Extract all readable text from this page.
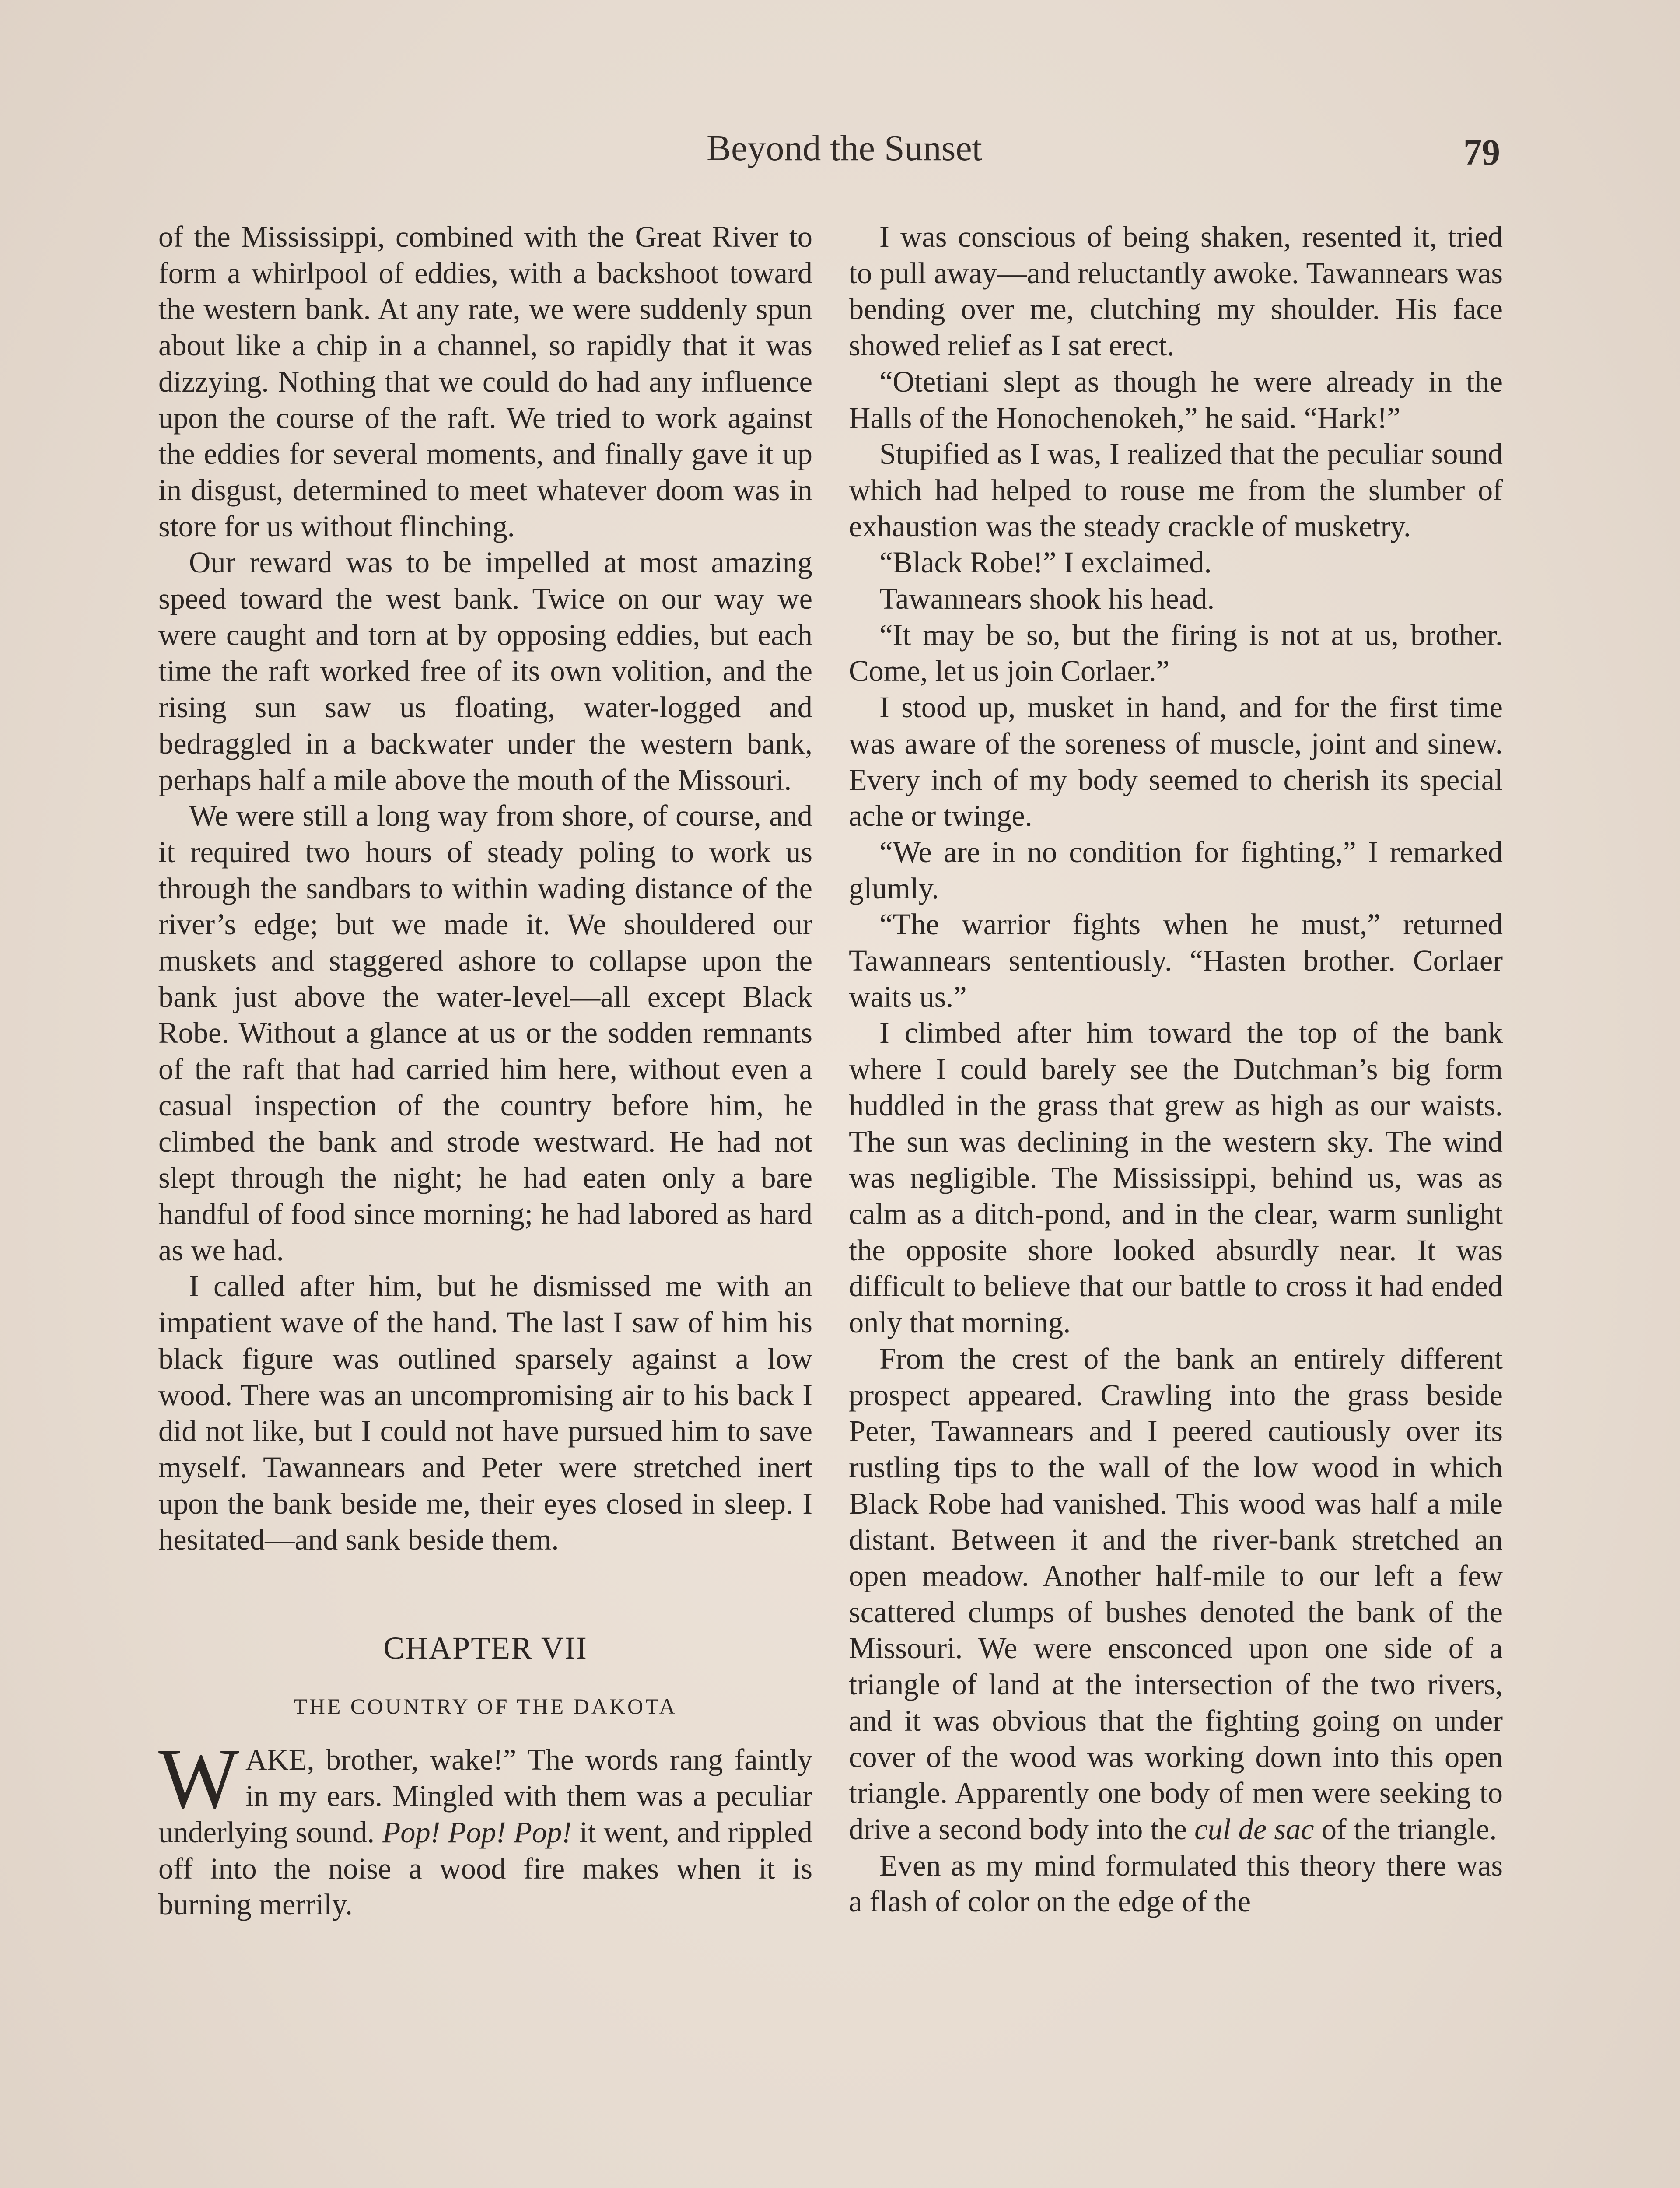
Beyond the Sunset	79

of the Mississippi, combined with the Great River to form a whirlpool of eddies, with a backshoot toward the western bank. At any rate, we were suddenly spun about like a chip in a channel, so rapidly that it was dizzying. Nothing that we could do had any influence upon the course of the raft. We tried to work against the eddies for several moments, and finally gave it up in disgust, determined to meet whatever doom was in store for us without flinching.

Our reward was to be impelled at most amazing speed toward the west bank. Twice on our way we were caught and torn at by opposing eddies, but each time the raft worked free of its own volition, and the rising sun saw us floating, water-logged and bedraggled in a backwater under the western bank, perhaps half a mile above the mouth of the Missouri.

We were still a long way from shore, of course, and it required two hours of steady poling to work us through the sandbars to within wading distance of the river’s edge; but we made it. We shouldered our muskets and staggered ashore to collapse upon the bank just above the water-level—all except Black Robe. Without a glance at us or the sodden remnants of the raft that had carried him here, without even a casual inspection of the country before him, he climbed the bank and strode westward. He had not slept through the night; he had eaten only a bare handful of food since morning; he had labored as hard as we had.

I called after him, but he dismissed me with an impatient wave of the hand. The last I saw of him his black figure was outlined sparsely against a low wood. There was an uncompromising air to his back I did not like, but I could not have pursued him to save myself. Tawannears and Peter were stretched inert upon the bank beside me, their eyes closed in sleep. I hesitated—and sank beside them.

CHAPTER VII
THE COUNTRY OF THE DAKOTA

WAKE, brother, wake!” The words rang faintly in my ears. Mingled with them was a peculiar underlying sound. Pop! Pop! Pop! it went, and rippled off into the noise a wood fire makes when it is burning merrily.

I was conscious of being shaken, resented it, tried to pull away—and reluctantly awoke. Tawannears was bending over me, clutching my shoulder. His face showed relief as I sat erect.

“Otetiani slept as though he were already in the Halls of the Honochenokeh,” he said. “Hark!”

Stupified as I was, I realized that the peculiar sound which had helped to rouse me from the slumber of exhaustion was the steady crackle of musketry.

“Black Robe!” I exclaimed.

Tawannears shook his head.

“It may be so, but the firing is not at us, brother. Come, let us join Corlaer.”

I stood up, musket in hand, and for the first time was aware of the soreness of muscle, joint and sinew. Every inch of my body seemed to cherish its special ache or twinge.

“We are in no condition for fighting,” I remarked glumly.

“The warrior fights when he must,” returned Tawannears sententiously. “Hasten brother. Corlaer waits us.”

I climbed after him toward the top of the bank where I could barely see the Dutchman’s big form huddled in the grass that grew as high as our waists. The sun was declining in the western sky. The wind was negligible. The Mississippi, behind us, was as calm as a ditch-pond, and in the clear, warm sunlight the opposite shore looked absurdly near. It was difficult to believe that our battle to cross it had ended only that morning.

From the crest of the bank an entirely different prospect appeared. Crawling into the grass beside Peter, Tawannears and I peered cautiously over its rustling tips to the wall of the low wood in which Black Robe had vanished. This wood was half a mile distant. Between it and the river-bank stretched an open meadow. Another half-mile to our left a few scattered clumps of bushes denoted the bank of the Missouri. We were ensconced upon one side of a triangle of land at the intersection of the two rivers, and it was obvious that the fighting going on under cover of the wood was working down into this open triangle. Apparently one body of men were seeking to drive a second body into the cul de sac of the triangle.

Even as my mind formulated this theory there was a flash of color on the edge of the
